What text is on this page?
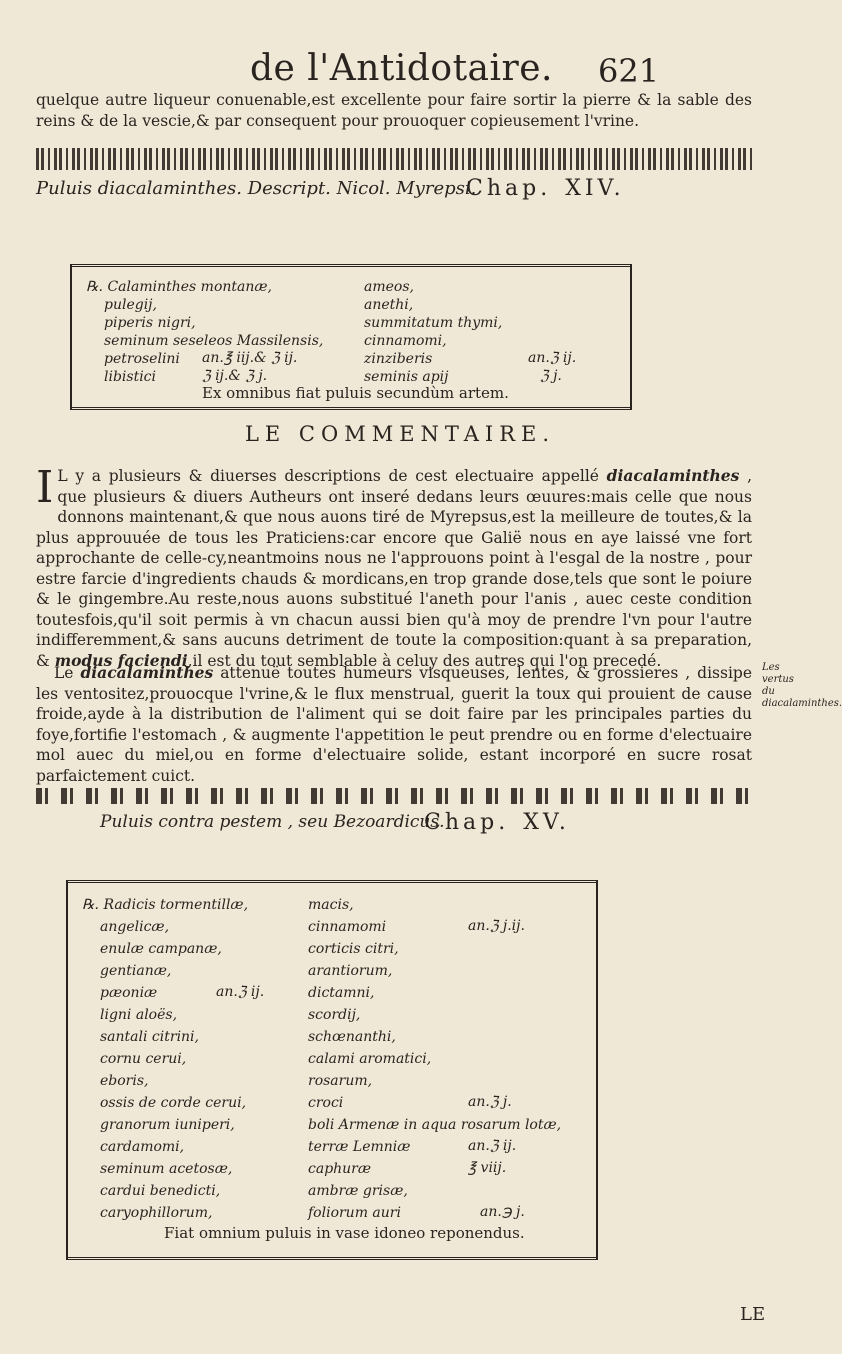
de l'Antidotaire. 621
quelque autre liqueur conuenable,est excellente pour faire sortir la pierre & la sable des reins & de la vescie,& par consequent pour prouoquer copieusement l'vrine.
Puluis diacalaminthes. Descript. Nicol. Myrepsi.
Chap. XIV.
℞. Calaminthes montanæ,
pulegij,
piperis nigri,
seminum seseleos Massilensis,
petroselini
libistici
an.℥ iij.& ℨ ij.
ℨ ij.& ℨ j.
ameos,
anethi,
summitatum thymi,
cinnamomi,
zinziberis
seminis apij
an.ℨ ij.
ℨ j.
Ex omnibus fiat puluis secundùm artem.
LE COMMENTAIRE.
I L y a plusieurs & diuerses descriptions de cest electuaire appellé diacalaminthes , que plusieurs & diuers Autheurs ont inseré dedans leurs œuures:mais celle que nous donnons maintenant,& que nous auons tiré de Myrepsus,est la meilleure de toutes,& la plus approuuée de tous les Praticiens:car encore que Galië nous en aye laissé vne fort approchante de celle-cy,neantmoins nous ne l'approuons point à l'esgal de la nostre , pour estre farcie d'ingredients chauds & mordicans,en trop grande dose,tels que sont le poiure & le gingembre.Au reste,nous auons substitué l'aneth pour l'anis , auec ceste condition toutesfois,qu'il soit permis à vn chacun aussi bien qu'à moy de prendre l'vn pour l'autre indifferemment,& sans aucuns detriment de toute la composition:quant à sa preparation, & modus faciendi,il est du tout semblable à celuy des autres qui l'on precedé.
Le diacalaminthes attenuë toutes humeurs visqueuses, lentes, & grossieres , dissipe les ventositez,prouocque l'vrine,& le flux menstrual, guerit la toux qui prouient de cause froide,ayde à la distribution de l'aliment qui se doit faire par les principales parties du foye,fortifie l'estomach , & augmente l'appetition le peut prendre ou en forme d'electuaire mol auec du miel,ou en forme d'electuaire solide, estant incorporé en sucre rosat parfaictement cuict.
Les vertus du diacalaminthes.
Puluis contra pestem , seu Bezoardicus.
Chap. XV.
℞. Radicis tormentillæ,
angelicæ,
enulæ campanæ,
gentianæ,
pæoniæ
ligni aloës,
santali citrini,
cornu cerui,
eboris,
ossis de corde cerui,
granorum iuniperi,
cardamomi,
seminum acetosæ,
cardui benedicti,
caryophillorum,
an.ℨ ij.
macis,
cinnamomi
corticis citri,
arantiorum,
dictamni,
scordij,
schœnanthi,
calami aromatici,
rosarum,
croci
boli Armenæ in aqua rosarum lotæ,
terræ Lemniæ
caphuræ
ambræ grisæ,
foliorum auri
an.ℨ j.ij.
an.ℨ j.
an.ℨ ij.
℥ viij.
an.℈ j.
Fiat omnium puluis in vase idoneo reponendus.
LE
